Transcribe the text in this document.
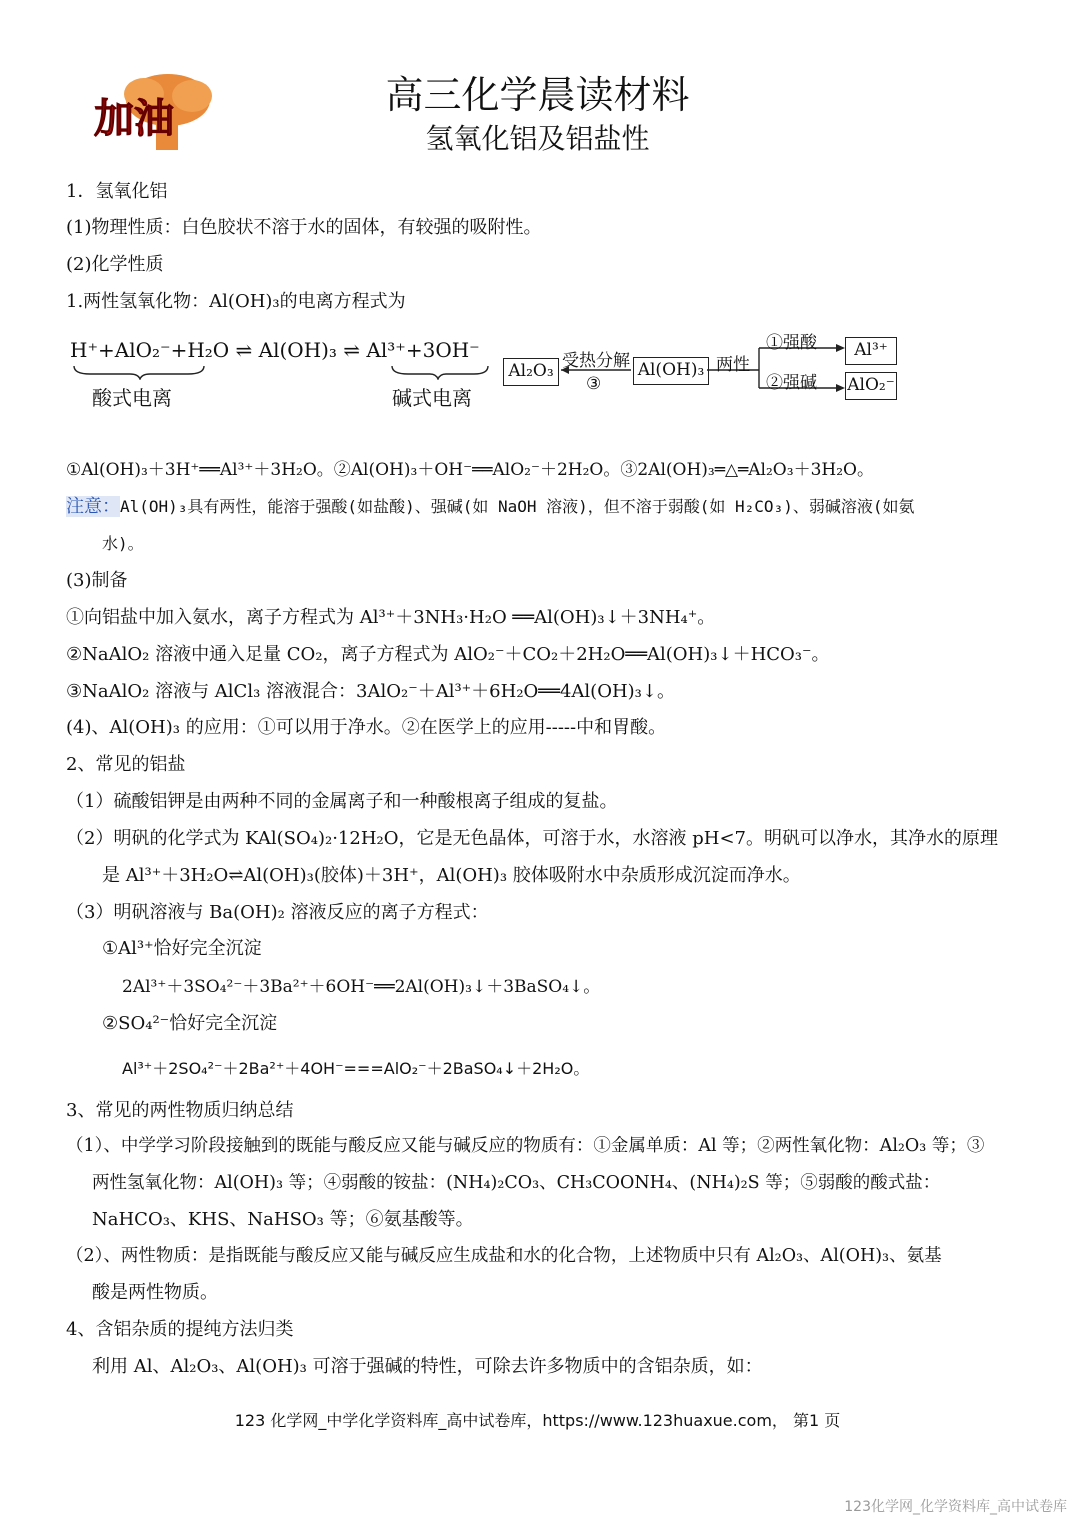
加油
高三化学晨读材料
氢氧化铝及铝盐性
1．氢氧化铝
(1)物理性质：白色胶状不溶于水的固体，有较强的吸附性。
(2)化学性质
1.两性氢氧化物：Al(OH)₃的电离方程式为
H⁺+AlO₂⁻+H₂O ⇌ Al(OH)₃ ⇌ Al³⁺+3OH⁻
酸式电离	碱式电离
Al₂O₃ 受热分解
③
Al(OH)₃ 两性
①强酸
②强碱
Al³⁺
AlO₂⁻
①Al(OH)₃＋3H⁺══Al³⁺＋3H₂O。②Al(OH)₃＋OH⁻══AlO₂⁻＋2H₂O。③2Al(OH)₃═△═Al₂O₃＋3H₂O。
注意：Al(OH)₃具有两性，能溶于强酸(如盐酸)、强碱(如 NaOH 溶液)，但不溶于弱酸(如 H₂CO₃)、弱碱溶液(如氨
水)。
(3)制备
①向铝盐中加入氨水，离子方程式为 Al³⁺＋3NH₃·H₂O ══Al(OH)₃↓＋3NH₄⁺。
②NaAlO₂ 溶液中通入足量 CO₂，离子方程式为 AlO₂⁻＋CO₂＋2H₂O══Al(OH)₃↓＋HCO₃⁻。
③NaAlO₂ 溶液与 AlCl₃ 溶液混合：3AlO₂⁻＋Al³⁺＋6H₂O══4Al(OH)₃↓。
(4)、Al(OH)₃ 的应用：①可以用于净水。②在医学上的应用-----中和胃酸。
2、常见的铝盐
（1）硫酸铝钾是由两种不同的金属离子和一种酸根离子组成的复盐。
（2）明矾的化学式为 KAl(SO₄)₂·12H₂O，它是无色晶体，可溶于水，水溶液 pH<7。明矾可以净水，其净水的原理
是 Al³⁺＋3H₂O⇌Al(OH)₃(胶体)＋3H⁺，Al(OH)₃ 胶体吸附水中杂质形成沉淀而净水。
（3）明矾溶液与 Ba(OH)₂ 溶液反应的离子方程式：
①Al³⁺恰好完全沉淀
2Al³⁺＋3SO₄²⁻＋3Ba²⁺＋6OH⁻══2Al(OH)₃↓＋3BaSO₄↓。
②SO₄²⁻恰好完全沉淀
Al³⁺＋2SO₄²⁻＋2Ba²⁺＋4OH⁻===AlO₂⁻＋2BaSO₄↓＋2H₂O。
3、常见的两性物质归纳总结
（1）、中学学习阶段接触到的既能与酸反应又能与碱反应的物质有：①金属单质：Al 等；②两性氧化物：Al₂O₃ 等；③
两性氢氧化物：Al(OH)₃ 等；④弱酸的铵盐：(NH₄)₂CO₃、CH₃COONH₄、(NH₄)₂S 等；⑤弱酸的酸式盐：
NaHCO₃、KHS、NaHSO₃ 等；⑥氨基酸等。
（2）、两性物质：是指既能与酸反应又能与碱反应生成盐和水的化合物，上述物质中只有 Al₂O₃、Al(OH)₃、氨基
酸是两性物质。
4、含铝杂质的提纯方法归类
利用 Al、Al₂O₃、Al(OH)₃ 可溶于强碱的特性，可除去许多物质中的含铝杂质，如：
123 化学网_中学化学资料库_高中试卷库，https://www.123huaxue.com， 第1 页
123化学网_化学资料库_高中试卷库
